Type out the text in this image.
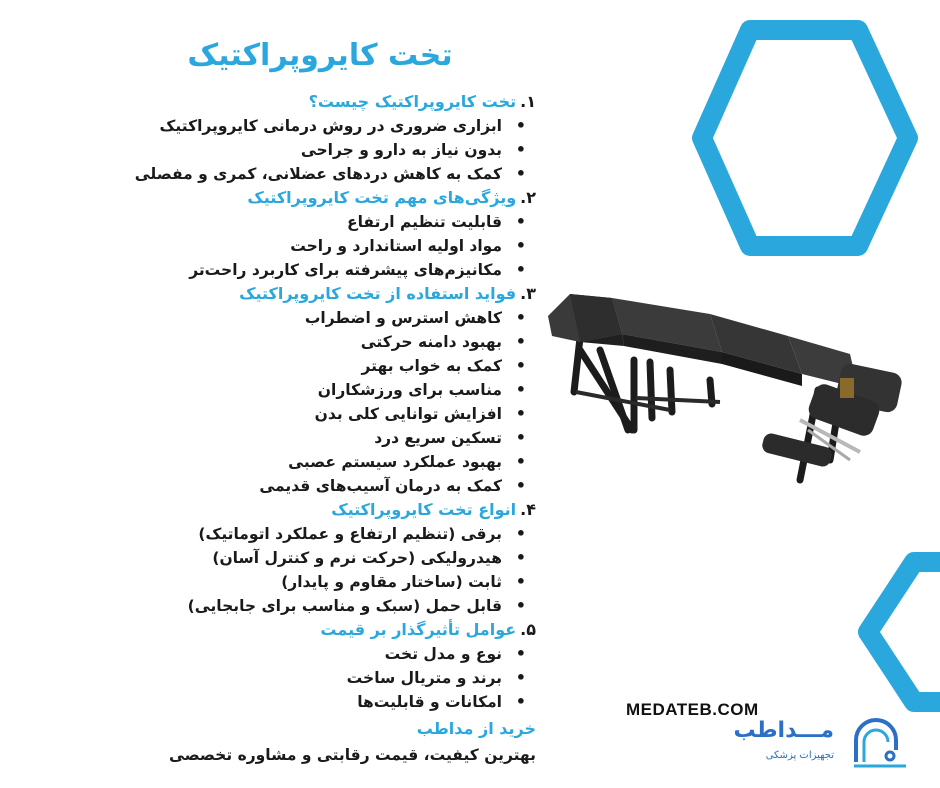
تخت کایروپراکتیک
۱.تخت کایروپراکتیک چیست؟
• ابزاری ضروری در روش درمانی کایروپراکتیک
• بدون نیاز به دارو و جراحی
• کمک به کاهش دردهای عضلانی، کمری و مفصلی
۲.ویژگی‌های مهم تخت کایروپراکتیک
• قابلیت تنظیم ارتفاع
• مواد اولیه استاندارد و راحت
• مکانیزم‌های پیشرفته برای کاربرد راحت‌تر
۳.فواید استفاده از تخت کایروپراکتیک
• کاهش استرس و اضطراب
• بهبود دامنه حرکتی
• کمک به خواب بهتر
• مناسب برای ورزشکاران
• افزایش توانایی کلی بدن
• تسکین سریع درد
• بهبود عملکرد سیستم عصبی
• کمک به درمان آسیب‌های قدیمی
۴.انواع تخت کایروپراکتیک
• برقی (تنظیم ارتفاع و عملکرد اتوماتیک)
• هیدرولیکی (حرکت نرم و کنترل آسان)
• ثابت (ساختار مقاوم و پایدار)
• قابل حمل (سبک و مناسب برای جابجایی)
۵.عوامل تأثیرگذار بر قیمت
• نوع و مدل تخت
• برند و متریال ساخت
• امکانات و قابلیت‌ها
خرید از مداطب
بهترین کیفیت، قیمت رقابتی و مشاوره تخصصی
MEDATEB.COM
مـــداطب
تجهیزات پزشکی
